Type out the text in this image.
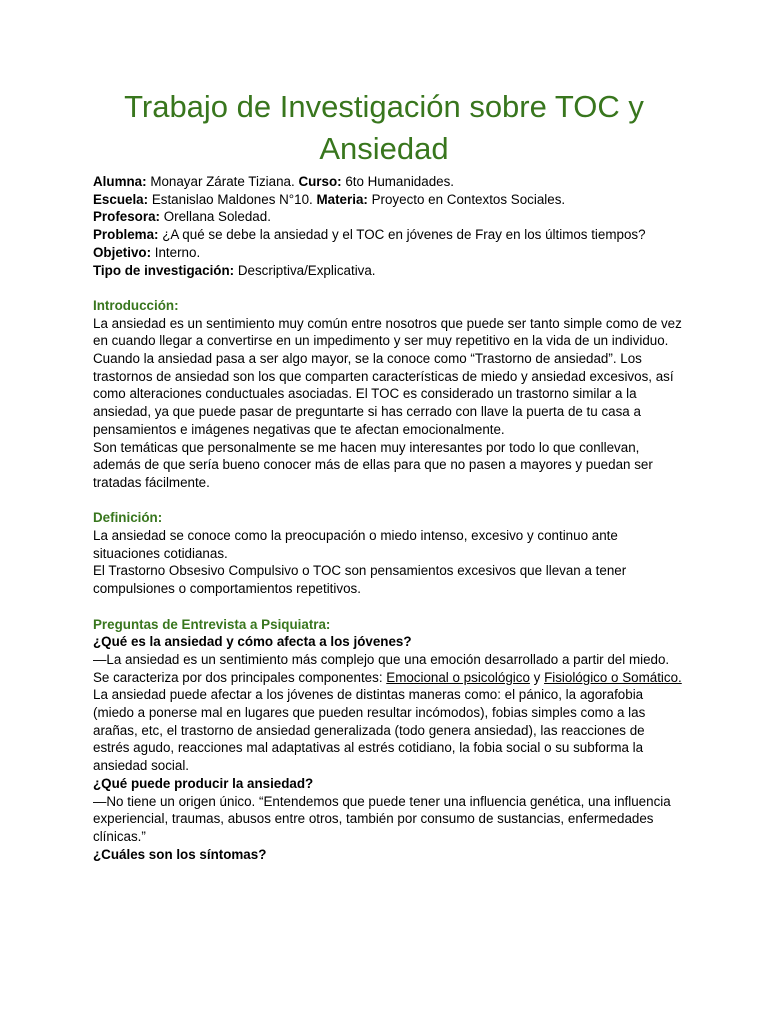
Trabajo de Investigación sobre TOC y Ansiedad

Alumna: Monayar Zárate Tiziana. Curso: 6to Humanidades.

Escuela: Estanislao Maldones N°10. Materia: Proyecto en Contextos Sociales.

Profesora: Orellana Soledad.

Problema: ¿A qué se debe la ansiedad y el TOC en jóvenes de Fray en los últimos tiempos?

Objetivo: Interno.

Tipo de investigación: Descriptiva/Explicativa.

Introducción:

La ansiedad es un sentimiento muy común entre nosotros que puede ser tanto simple como de vez en cuando llegar a convertirse en un impedimento y ser muy repetitivo en la vida de un individuo. Cuando la ansiedad pasa a ser algo mayor, se la conoce como “Trastorno de ansiedad”. Los trastornos de ansiedad son los que comparten características de miedo y ansiedad excesivos, así como alteraciones conductuales asociadas. El TOC es considerado un trastorno similar a la ansiedad, ya que puede pasar de preguntarte si has cerrado con llave la puerta de tu casa a pensamientos e imágenes negativas que te afectan emocionalmente.

Son temáticas que personalmente se me hacen muy interesantes por todo lo que conllevan, además de que sería bueno conocer más de ellas para que no pasen a mayores y puedan ser tratadas fácilmente.

Definición:

La ansiedad se conoce como la preocupación o miedo intenso, excesivo y continuo ante situaciones cotidianas.

El Trastorno Obsesivo Compulsivo o TOC son pensamientos excesivos que llevan a tener compulsiones o comportamientos repetitivos.

Preguntas de Entrevista a Psiquiatra:

¿Qué es la ansiedad y cómo afecta a los jóvenes?

—La ansiedad es un sentimiento más complejo que una emoción desarrollado a partir del miedo. Se caracteriza por dos principales componentes: Emocional o psicológico y Fisiológico o Somático.

La ansiedad puede afectar a los jóvenes de distintas maneras como: el pánico, la agorafobia (miedo a ponerse mal en lugares que pueden resultar incómodos), fobias simples como a las arañas, etc, el trastorno de ansiedad generalizada (todo genera ansiedad), las reacciones de estrés agudo, reacciones mal adaptativas al estrés cotidiano, la fobia social o su subforma la ansiedad social.

¿Qué puede producir la ansiedad?

—No tiene un origen único. “Entendemos que puede tener una influencia genética, una influencia experiencial, traumas, abusos entre otros, también por consumo de sustancias, enfermedades clínicas.”

¿Cuáles son los síntomas?
